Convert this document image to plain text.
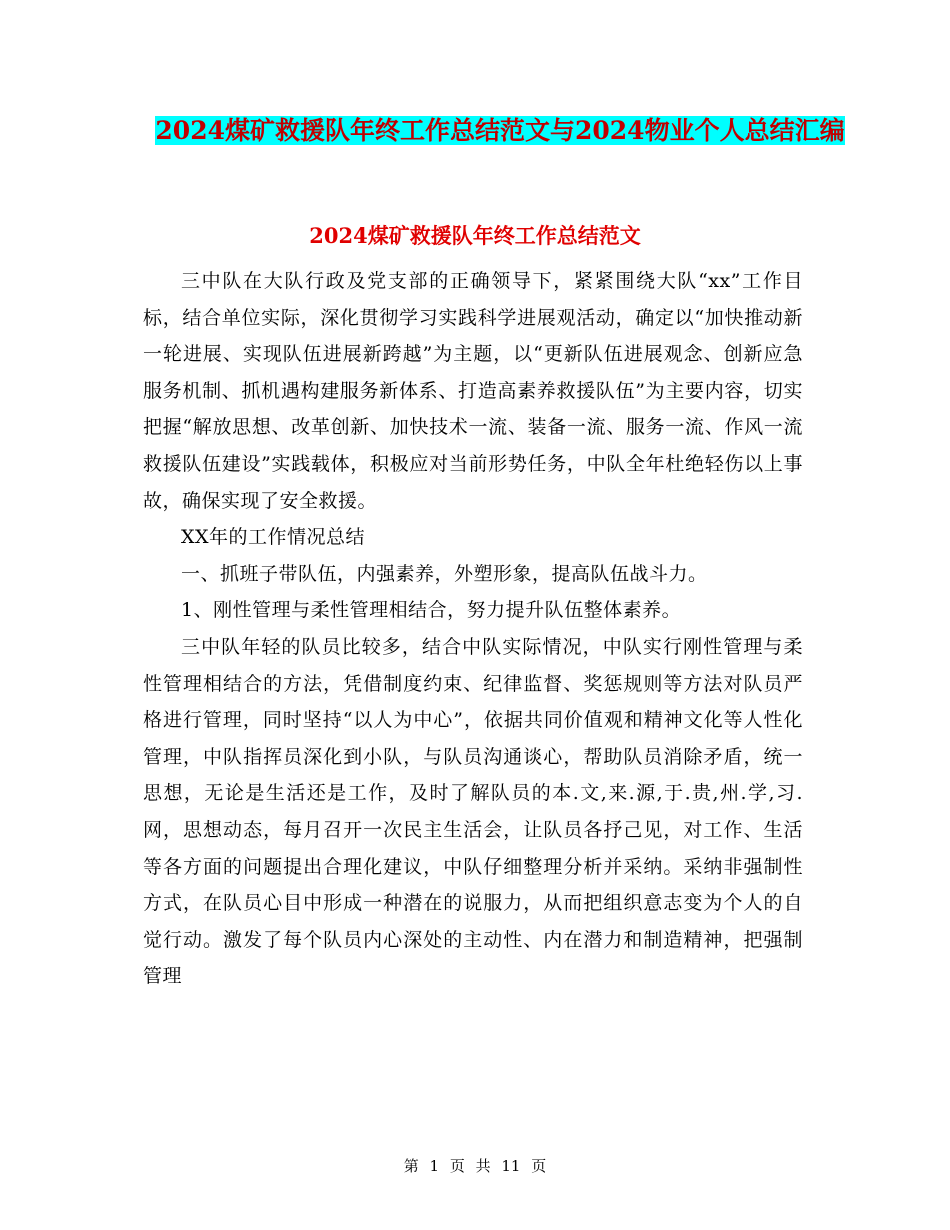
2024煤矿救援队年终工作总结范文与2024物业个人总结汇编
2024煤矿救援队年终工作总结范文

三中队在大队行政及党支部的正确领导下，紧紧围绕大队“xx”工作目标，结合单位实际，深化贯彻学习实践科学进展观活动，确定以“加快推动新一轮进展、实现队伍进展新跨越”为主题，以“更新队伍进展观念、创新应急服务机制、抓机遇构建服务新体系、打造高素养救援队伍”为主要内容，切实把握“解放思想、改革创新、加快技术一流、装备一流、服务一流、作风一流救援队伍建设”实践载体，积极应对当前形势任务，中队全年杜绝轻伤以上事故，确保实现了安全救援。

XX年的工作情况总结

一、抓班子带队伍，内强素养，外塑形象，提高队伍战斗力。

1、刚性管理与柔性管理相结合，努力提升队伍整体素养。

三中队年轻的队员比较多，结合中队实际情况，中队实行刚性管理与柔性管理相结合的方法，凭借制度约束、纪律监督、奖惩规则等方法对队员严格进行管理，同时坚持“以人为中心”，依据共同价值观和精神文化等人性化管理，中队指挥员深化到小队，与队员沟通谈心，帮助队员消除矛盾，统一思想，无论是生活还是工作，及时了解队员的本.文,来.源,于.贵,州.学,习.网，思想动态，每月召开一次民主生活会，让队员各抒己见，对工作、生活等各方面的问题提出合理化建议，中队仔细整理分析并采纳。采纳非强制性方式，在队员心目中形成一种潜在的说服力，从而把组织意志变为个人的自觉行动。激发了每个队员内心深处的主动性、内在潜力和制造精神，把强制管理

第 1 页 共 11 页
